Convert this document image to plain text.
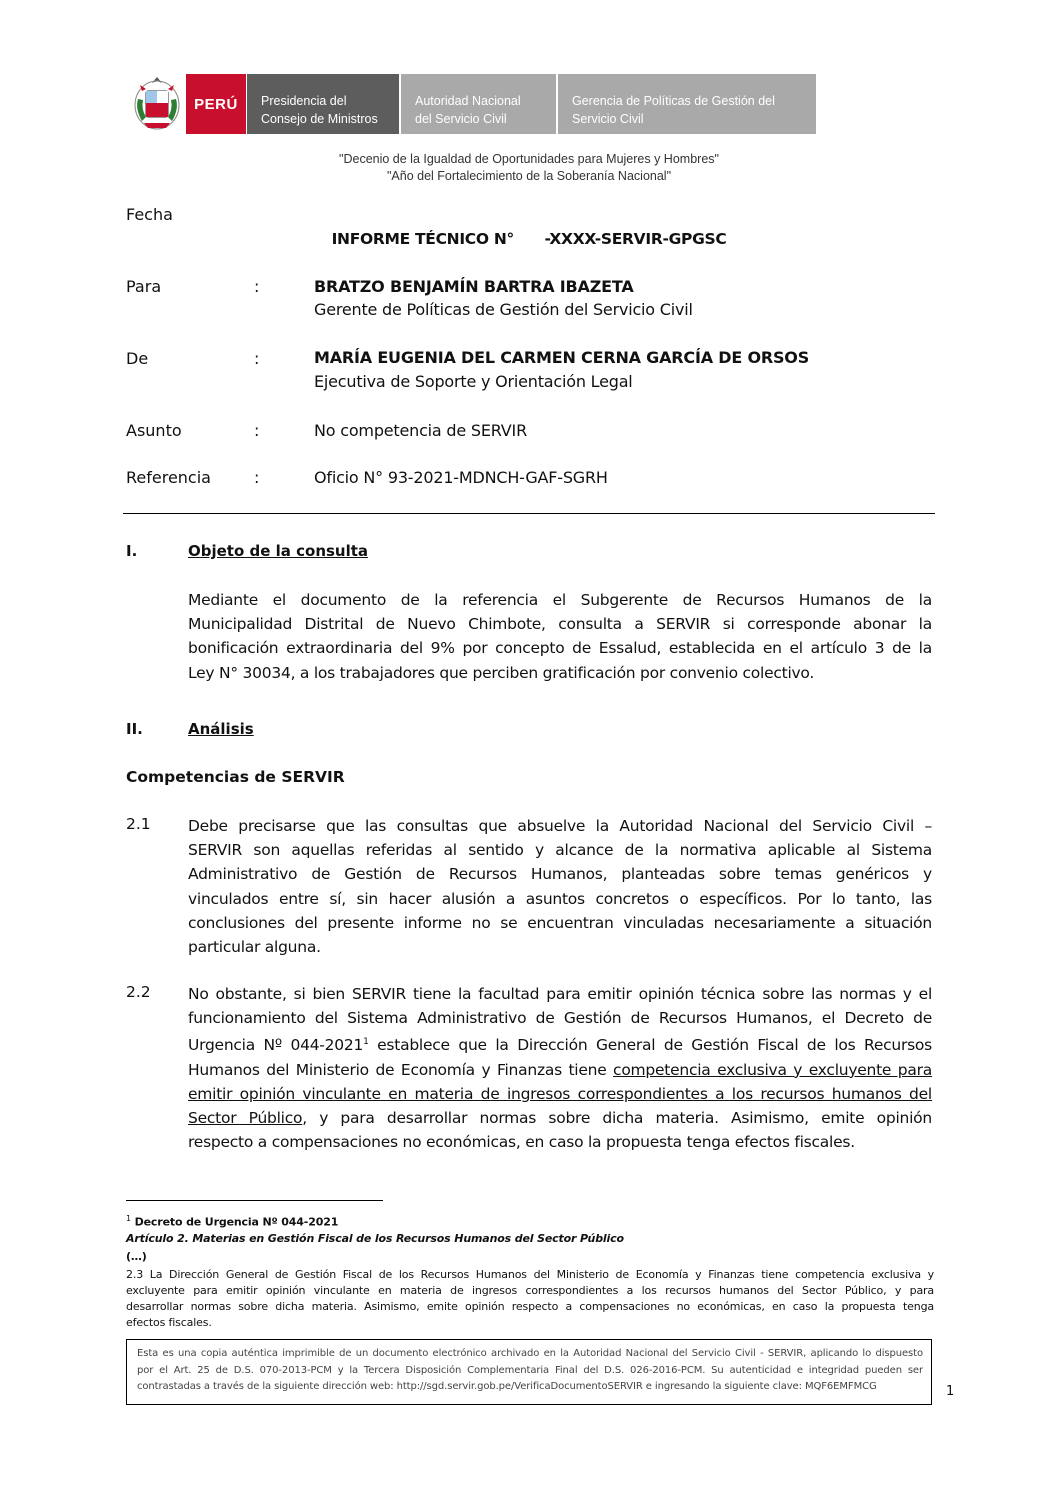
PERÚ	Presidencia del
Consejo de Ministros
Autoridad Nacional
del Servicio Civil
Gerencia de Políticas de Gestión del
Servicio Civil
"Decenio de la Igualdad de Oportunidades para Mujeres y Hombres"
"Año del Fortalecimiento de la Soberanía Nacional"
Fecha
INFORME TÉCNICO N°      -XXXX-SERVIR-GPGSC
Para	:	BRATZO BENJAMÍN BARTRA IBAZETA
Gerente de Políticas de Gestión del Servicio Civil
De	:	MARÍA EUGENIA DEL CARMEN CERNA GARCÍA DE ORSOS
Ejecutiva de Soporte y Orientación Legal
Asunto	:	No competencia de SERVIR
Referencia	:	Oficio N° 93-2021-MDNCH-GAF-SGRH
I.	Objeto de la consulta
Mediante el documento de la referencia el Subgerente de Recursos Humanos de la
Municipalidad Distrital de Nuevo Chimbote, consulta a SERVIR si corresponde abonar la
bonificación extraordinaria del 9% por concepto de Essalud, establecida en el artículo 3 de la
Ley N° 30034, a los trabajadores que perciben gratificación por convenio colectivo.
II.	Análisis
Competencias de SERVIR
2.1 Debe precisarse que las consultas que absuelve la Autoridad Nacional del Servicio Civil –
SERVIR son aquellas referidas al sentido y alcance de la normativa aplicable al Sistema
Administrativo de Gestión de Recursos Humanos, planteadas sobre temas genéricos y
vinculados entre sí, sin hacer alusión a asuntos concretos o específicos. Por lo tanto, las
conclusiones del presente informe no se encuentran vinculadas necesariamente a situación
particular alguna.
2.2 No obstante, si bien SERVIR tiene la facultad para emitir opinión técnica sobre las normas y el
funcionamiento del Sistema Administrativo de Gestión de Recursos Humanos, el Decreto de
Urgencia Nº 044-2021$^1$ establece que la Dirección General de Gestión Fiscal de los Recursos
Humanos del Ministerio de Economía y Finanzas tiene competencia exclusiva y excluyente para
emitir opinión vinculante en materia de ingresos correspondientes a los recursos humanos del
Sector Público, y para desarrollar normas sobre dicha materia. Asimismo, emite opinión
respecto a compensaciones no económicas, en caso la propuesta tenga efectos fiscales.
$^1$ Decreto de Urgencia Nº 044-2021
Artículo 2. Materias en Gestión Fiscal de los Recursos Humanos del Sector Público
(…)
2.3 La Dirección General de Gestión Fiscal de los Recursos Humanos del Ministerio de Economía y Finanzas tiene competencia exclusiva y
excluyente para emitir opinión vinculante en materia de ingresos correspondientes a los recursos humanos del Sector Público, y para
desarrollar normas sobre dicha materia. Asimismo, emite opinión respecto a compensaciones no económicas, en caso la propuesta tenga
efectos fiscales.
Esta es una copia auténtica imprimible de un documento electrónico archivado en la Autoridad Nacional del Servicio Civil - SERVIR, aplicando lo dispuesto
por el Art. 25 de D.S. 070-2013-PCM y la Tercera Disposición Complementaria Final del D.S. 026-2016-PCM. Su autenticidad e integridad pueden ser
contrastadas a través de la siguiente dirección web: http://sgd.servir.gob.pe/VerificaDocumentoSERVIR e ingresando la siguiente clave: MQF6EMFMCG	1
